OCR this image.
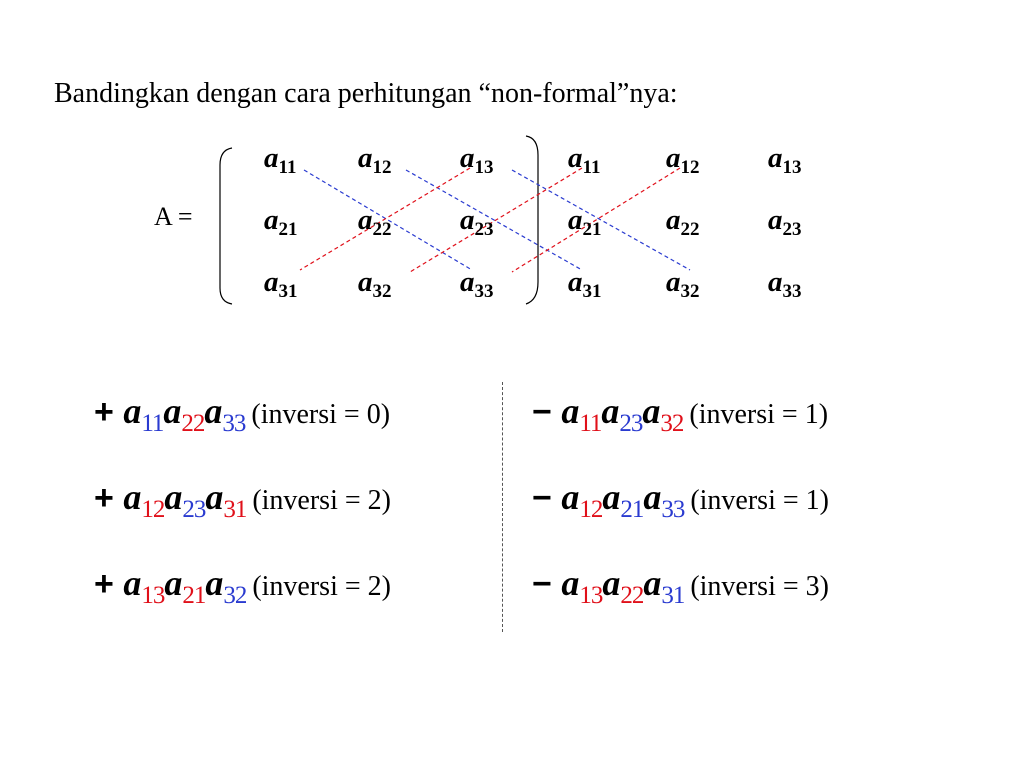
Bandingkan dengan cara perhitungan “non-formal”nya:
A =
$a_{11}$ $a_{12}$ $a_{13}$	$a_{11}$ $a_{12}$ $a_{13}$
$a_{21}$ $a_{22}$ $a_{23}$	$a_{21}$ $a_{22}$ $a_{23}$
$a_{31}$ $a_{32}$ $a_{33}$	$a_{31}$ $a_{32}$ $a_{33}$
+ $a_{11}a_{22}a_{33}$ (inversi = 0)
+ $a_{12}a_{23}a_{31}$ (inversi = 2)
+ $a_{13}a_{21}a_{32}$ (inversi = 2)
− $a_{11}a_{23}a_{32}$ (inversi = 1)
− $a_{12}a_{21}a_{33}$ (inversi = 1)
− $a_{13}a_{22}a_{31}$ (inversi = 3)
